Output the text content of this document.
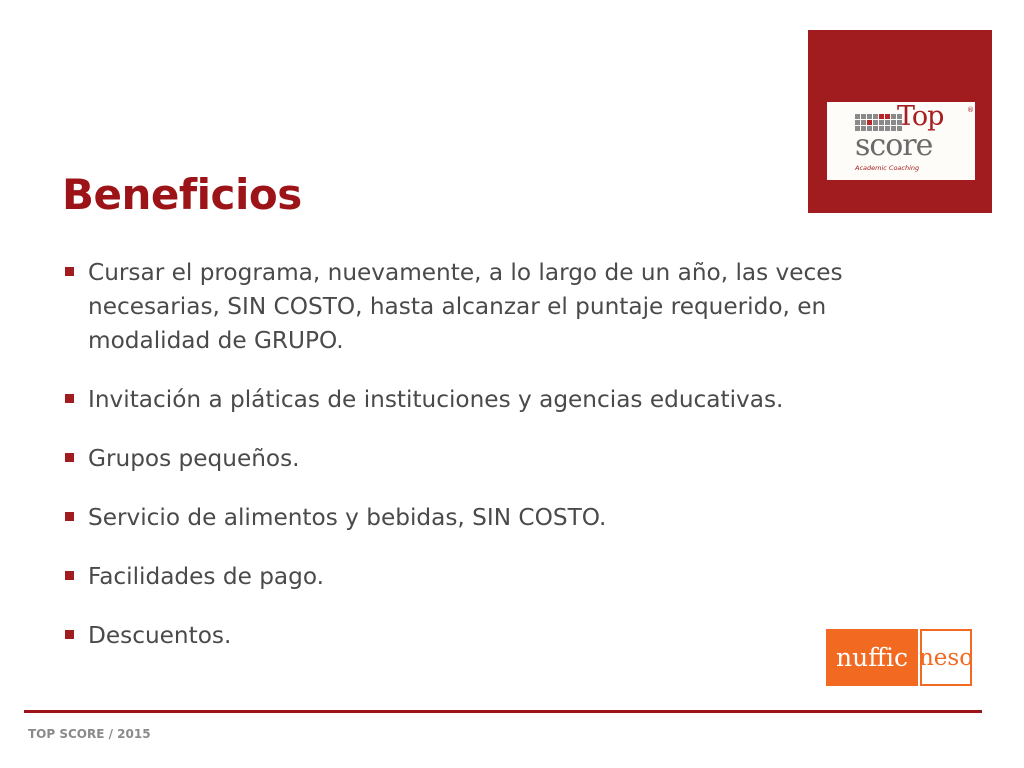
Top	®
score
Academic Coaching
Beneficios
Cursar el programa, nuevamente, a lo largo de un año, las veces necesarias, SIN COSTO, hasta alcanzar el puntaje requerido, en modalidad de GRUPO.
Invitación a pláticas de instituciones y agencias educativas.
Grupos pequeños.
Servicio de alimentos y bebidas, SIN COSTO.
Facilidades de pago.
Descuentos.
nuffic neso
TOP SCORE / 2015
